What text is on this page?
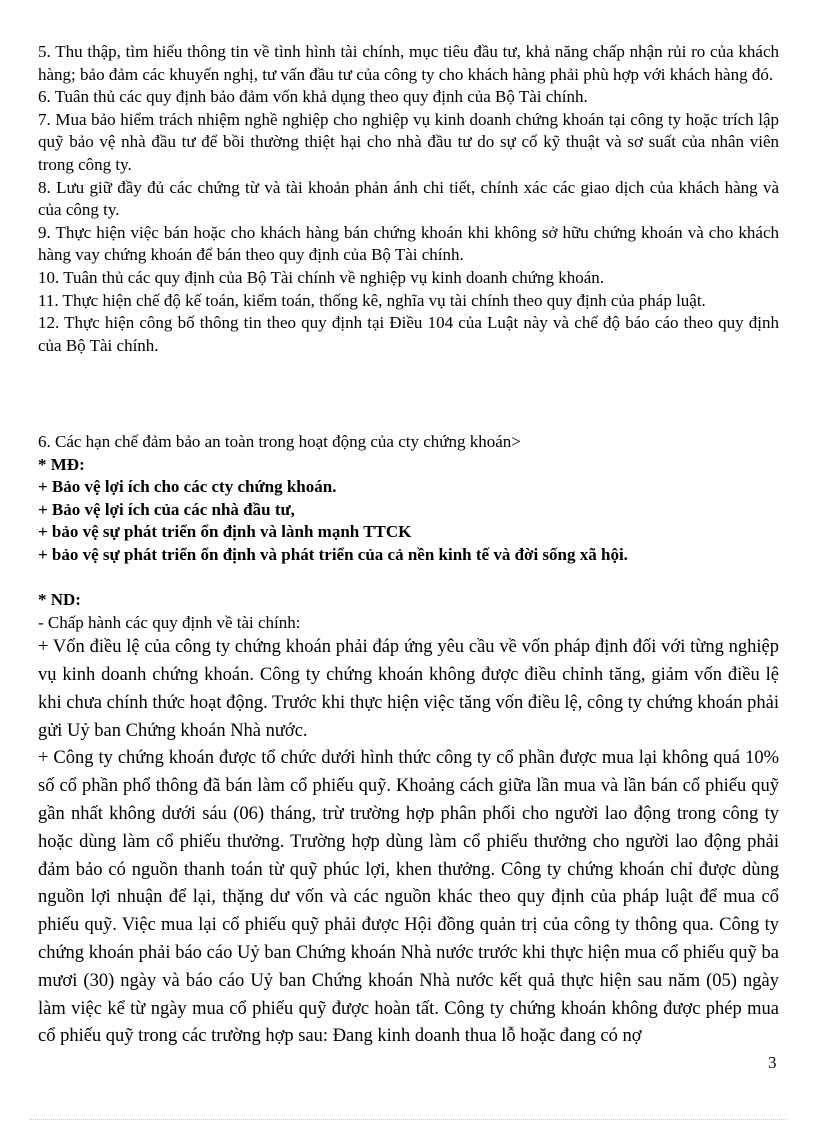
5. Thu thập, tìm hiểu thông tin về tình hình tài chính, mục tiêu đầu tư, khả năng chấp nhận rủi ro của khách hàng; bảo đảm các khuyến nghị, tư vấn đầu tư của công ty cho khách hàng phải phù hợp với khách hàng đó.

6. Tuân thủ các quy định bảo đảm vốn khả dụng theo quy định của Bộ Tài chính.

7. Mua bảo hiểm trách nhiệm nghề nghiệp cho nghiệp vụ kinh doanh chứng khoán tại công ty hoặc trích lập quỹ bảo vệ nhà đầu tư để bồi thường thiệt hại cho nhà đầu tư do sự cố kỹ thuật và sơ suất của nhân viên trong công ty.

8. Lưu giữ đầy đủ các chứng từ và tài khoản phản ánh chi tiết, chính xác các giao dịch của khách hàng và của công ty.

9. Thực hiện việc bán hoặc cho khách hàng bán chứng khoán khi không sở hữu chứng khoán và cho khách hàng vay chứng khoán để bán theo quy định của Bộ Tài chính.

10. Tuân thủ các quy định của Bộ Tài chính về nghiệp vụ kinh doanh chứng khoán.

11. Thực hiện chế độ kế toán, kiểm toán, thống kê, nghĩa vụ tài chính theo quy định của pháp luật.

12. Thực hiện công bố thông tin theo quy định tại Điều 104 của Luật này và chế độ báo cáo theo quy định của Bộ Tài chính.

6. Các hạn chế đảm bảo an toàn trong hoạt động của cty chứng khoán>

* MĐ:

+ Bảo vệ lợi ích cho các cty chứng khoán.

+ Bảo vệ lợi ích của các nhà đầu tư,

+ bảo vệ sự phát triển ổn định và lành mạnh TTCK

+ bảo vệ sự phát triển ổn định và phát triển của cả nền kinh tế và đời sống xã hội.

* ND:

- Chấp hành các quy định về tài chính:

+ Vốn điều lệ của công ty chứng khoán phải đáp ứng yêu cầu về vốn pháp định đối với từng nghiệp vụ kinh doanh chứng khoán. Công ty chứng khoán không được điều chỉnh tăng, giảm vốn điều lệ khi chưa chính thức hoạt động. Trước khi thực hiện việc tăng vốn điều lệ, công ty chứng khoán phải gửi Uỷ ban Chứng khoán Nhà nước.

+ Công ty chứng khoán được tổ chức dưới hình thức công ty cổ phần được mua lại không quá 10% số cổ phần phổ thông đã bán làm cổ phiếu quỹ. Khoảng cách giữa lần mua và lần bán cổ phiếu quỹ gần nhất không dưới sáu (06) tháng, trừ trường hợp phân phối cho người lao động trong công ty hoặc dùng làm cổ phiếu thưởng. Trường hợp dùng làm cổ phiếu thưởng cho người lao động phải đảm bảo có nguồn thanh toán từ quỹ phúc lợi, khen thưởng. Công ty chứng khoán chỉ được dùng nguồn lợi nhuận để lại, thặng dư vốn và các nguồn khác theo quy định của pháp luật để mua cổ phiếu quỹ. Việc mua lại cổ phiếu quỹ phải được Hội đồng quản trị của công ty thông qua. Công ty chứng khoán phải báo cáo Uỷ ban Chứng khoán Nhà nước trước khi thực hiện mua cổ phiếu quỹ ba mươi (30) ngày và báo cáo Uỷ ban Chứng khoán Nhà nước kết quả thực hiện sau năm (05) ngày làm việc kể từ ngày mua cổ phiếu quỹ được hoàn tất. Công ty chứng khoán không được phép mua cổ phiếu quỹ trong các trường hợp sau: Đang kinh doanh thua lỗ hoặc đang có nợ

3
